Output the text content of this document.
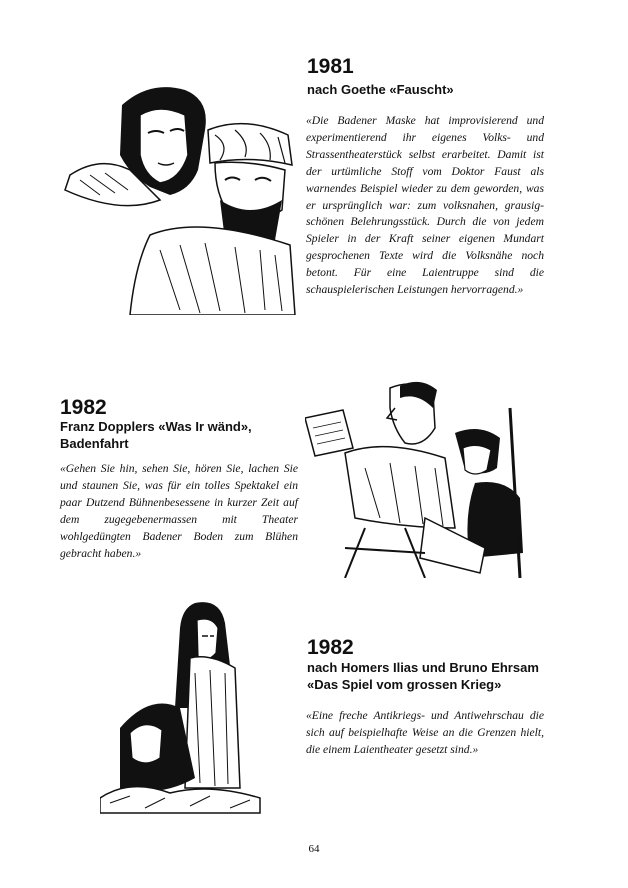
1981

nach Goethe «Fauscht»

«Die Badener Maske hat improvisierend und experimentierend ihr eigenes Volks- und Strassentheaterstück selbst erarbeitet. Damit ist der urtümliche Stoff vom Doktor Faust als warnendes Beispiel wieder zu dem geworden, was er ursprünglich war: zum volksnahen, grausig-schönen Belehrungsstück. Durch die von jedem Spieler in der Kraft seiner eigenen Mundart gesprochenen Texte wird die Volksnähe noch betont. Für eine Laientruppe sind die schauspielerischen Leistungen hervorragend.»

1982

Franz Dopplers «Was Ir wänd», Badenfahrt

«Gehen Sie hin, sehen Sie, hören Sie, lachen Sie und staunen Sie, was für ein tolles Spektakel ein paar Dutzend Bühnenbesessene in kurzer Zeit auf dem zugegebenermassen mit Theater wohlgedüngten Badener Boden zum Blühen gebracht haben.»

1982

nach Homers Ilias und Bruno Ehrsam «Das Spiel vom grossen Krieg»

«Eine freche Antikriegs- und Antiwehrschau die sich auf beispielhafte Weise an die Grenzen hielt, die einem Laientheater gesetzt sind.»

64
